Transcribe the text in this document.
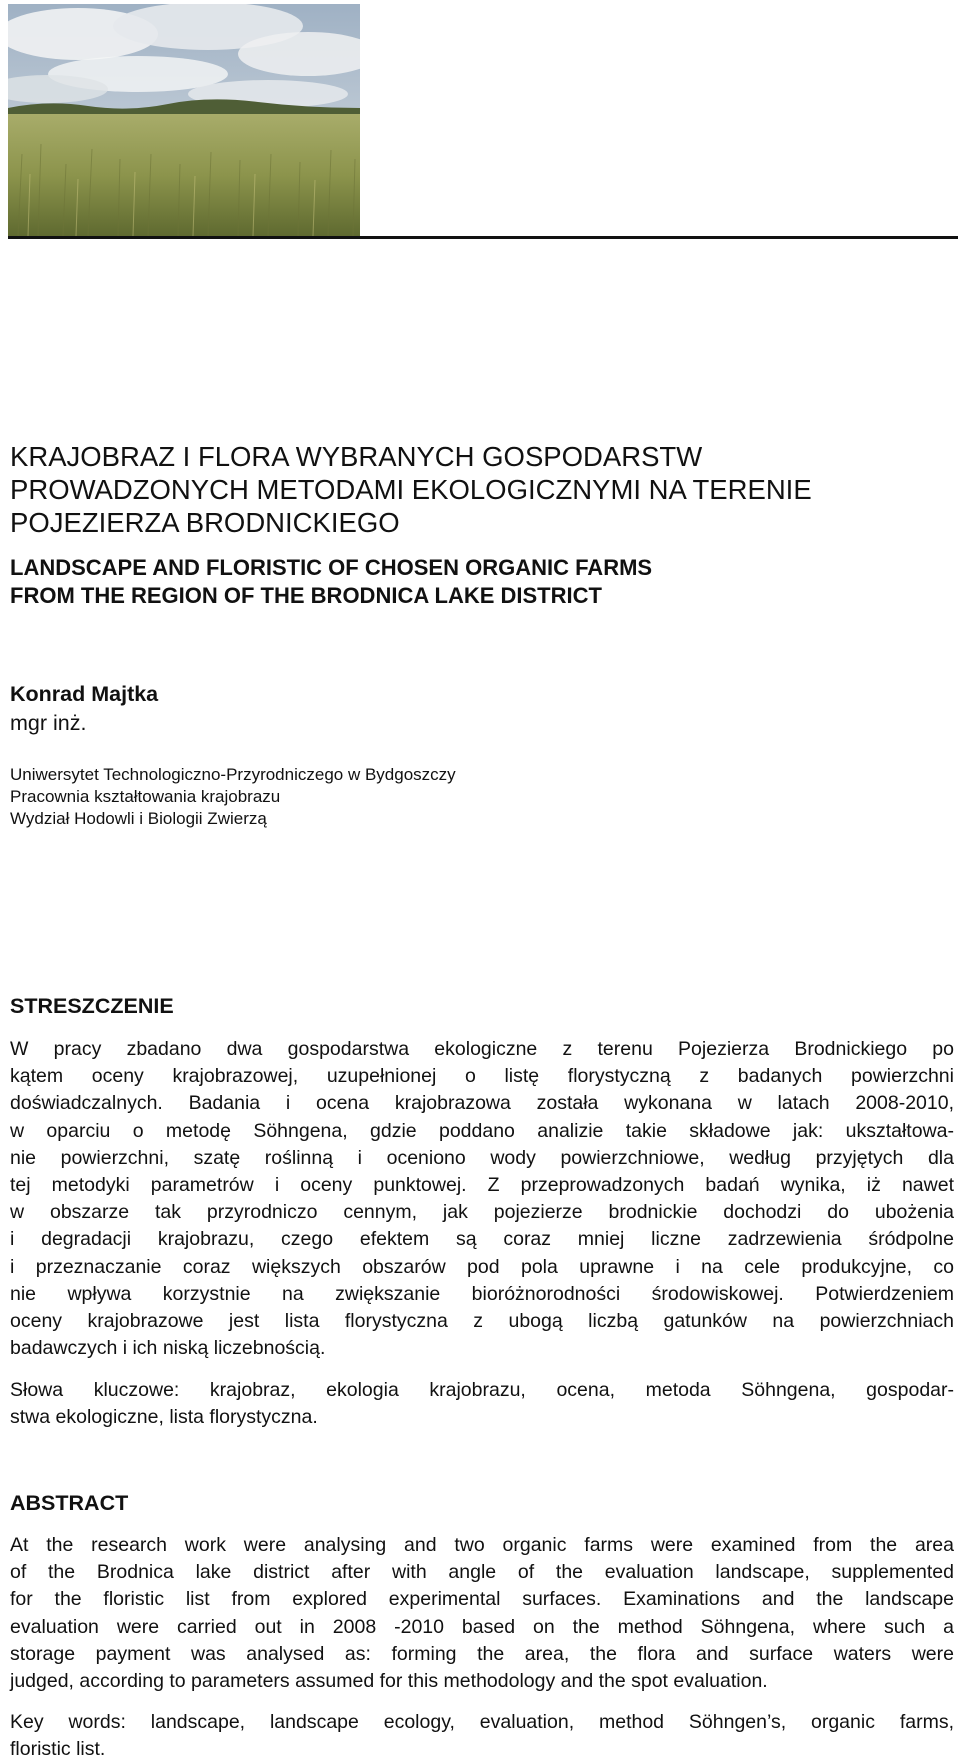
KRAJOBRAZ I FLORA WYBRANYCH GOSPODARSTW
PROWADZONYCH METODAMI EKOLOGICZNYMI NA TERENIE
POJEZIERZA BRODNICKIEGO
LANDSCAPE AND FLORISTIC OF CHOSEN ORGANIC FARMS
FROM THE REGION OF THE BRODNICA LAKE DISTRICT
Konrad Majtka
mgr inż.
Uniwersytet Technologiczno-Przyrodniczego w Bydgoszczy
Pracownia kształtowania krajobrazu
Wydział Hodowli i Biologii Zwierzą
STRESZCZENIE

W pracy zbadano dwa gospodarstwa ekologiczne z terenu Pojezierza Brodnickiego po
kątem oceny krajobrazowej, uzupełnionej o listę florystyczną z badanych powierzchni
doświadczalnych. Badania i ocena krajobrazowa została wykonana w latach 2008-2010,
w oparciu o metodę Söhngena, gdzie poddano analizie takie składowe jak: ukształtowa-
nie powierzchni, szatę roślinną i oceniono wody powierzchniowe, według przyjętych dla
tej metodyki parametrów i oceny punktowej. Z przeprowadzonych badań wynika, iż nawet
w obszarze tak przyrodniczo cennym, jak pojezierze brodnickie dochodzi do ubożenia
i degradacji krajobrazu, czego efektem są coraz mniej liczne zadrzewienia śródpolne
i przeznaczanie coraz większych obszarów pod pola uprawne i na cele produkcyjne, co
nie wpływa korzystnie na zwiększanie bioróżnorodności środowiskowej. Potwierdzeniem
oceny krajobrazowe jest lista florystyczna z ubogą liczbą gatunków na powierzchniach
badawczych i ich niską liczebnością.

Słowa kluczowe: krajobraz, ekologia krajobrazu, ocena, metoda Söhngena, gospodar-
stwa ekologiczne, lista florystyczna.

ABSTRACT

At the research work were analysing and two organic farms were examined from the area
of the Brodnica lake district after with angle of the evaluation landscape, supplemented
for the floristic list from explored experimental surfaces. Examinations and the landscape
evaluation were carried out in 2008 -2010 based on the method Söhngena, where such a
storage payment was analysed as: forming the area, the flora and surface waters were
judged, according to parameters assumed for this methodology and the spot evaluation.

Key words: landscape, landscape ecology, evaluation, method Söhngen’s, organic farms,
floristic list.
